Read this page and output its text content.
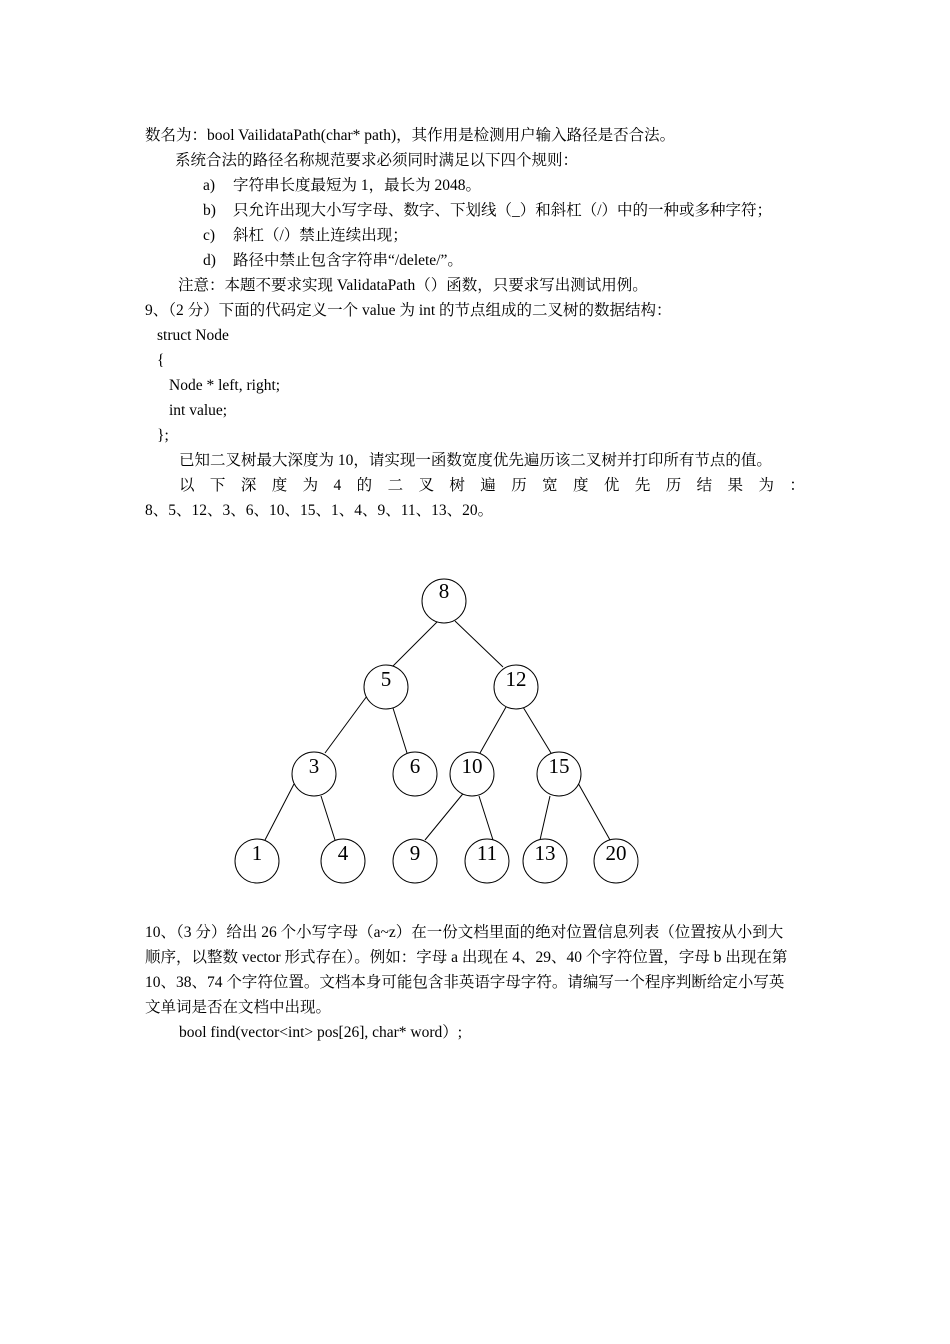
数名为：bool VailidataPath(char* path)，其作用是检测用户输入路径是否合法。
系统合法的路径名称规范要求必须同时满足以下四个规则：
a) 字符串长度最短为 1，最长为 2048。
b) 只允许出现大小写字母、数字、下划线（_）和斜杠（/）中的一种或多种字符；
c) 斜杠（/）禁止连续出现；
d) 路径中禁止包含字符串“/delete/”。
注意：本题不要求实现 ValidataPath（）函数，只要求写出测试用例。
9、（2 分）下面的代码定义一个 value 为 int 的节点组成的二叉树的数据结构：
struct Node
{
Node * left, right;
int value;
};
已知二叉树最大深度为 10，请实现一函数宽度优先遍历该二叉树并打印所有节点的值。
以 下 深 度 为 4 的 二 叉 树 遍 历 宽 度 优 先 历 结 果 为 ：
8、5、12、3、6、10、15、1、4、9、11、13、20。
8
5	12
3	6 10	15
1	4	9	11 13 20
10、（3 分）给出 26 个小写字母（a~z）在一份文档里面的绝对位置信息列表（位置按从小到大
顺序，以整数 vector 形式存在）。例如：字母 a 出现在 4、29、40 个字符位置，字母 b 出现在第
10、38、74 个字符位置。文档本身可能包含非英语字母字符。请编写一个程序判断给定小写英
文单词是否在文档中出现。
bool find(vector<int> pos[26], char* word）;
